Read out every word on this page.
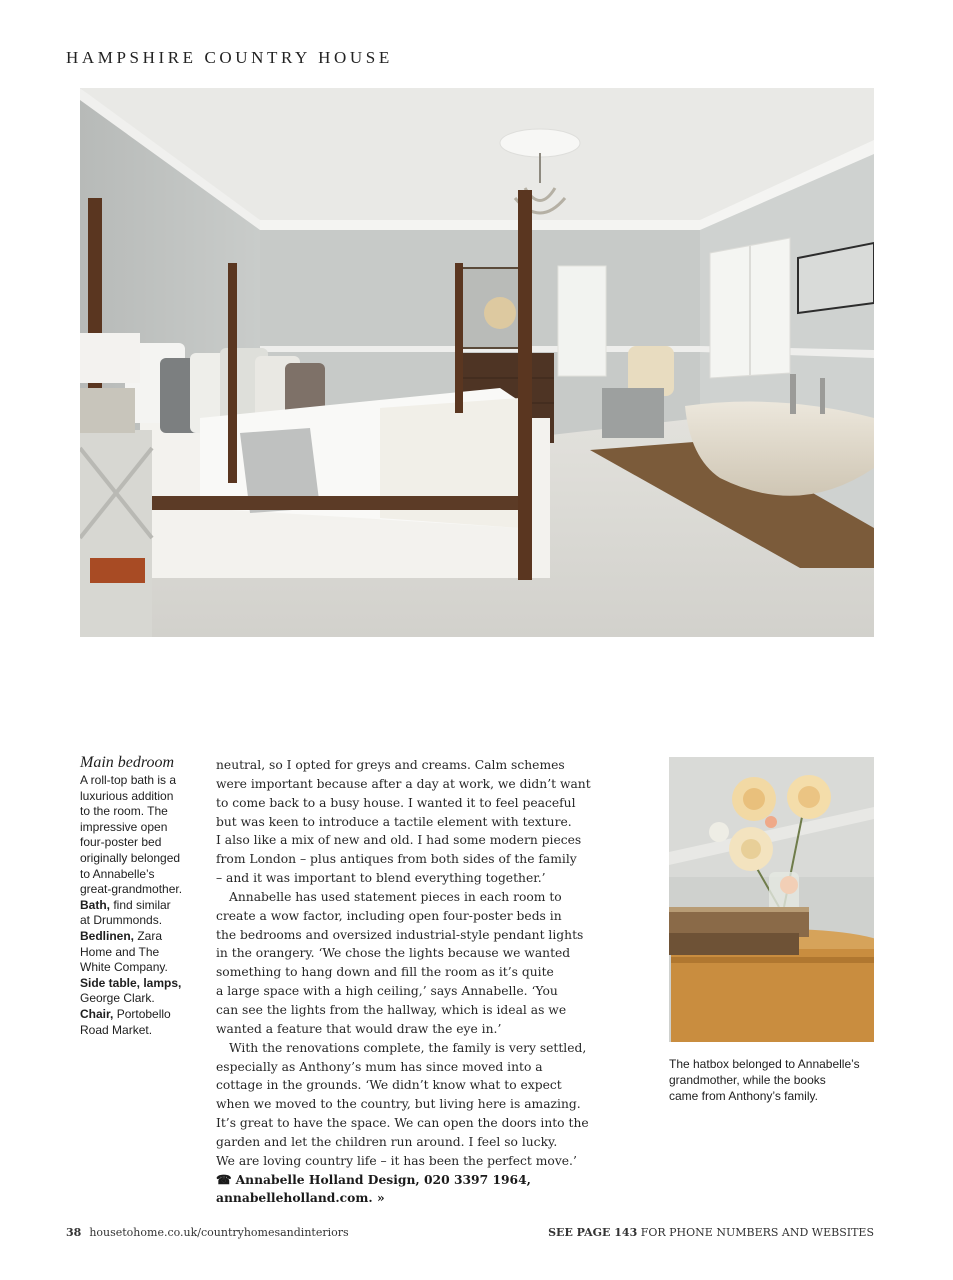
HAMPSHIRE COUNTRY HOUSE
Main bedroom
A roll-top bath is a
luxurious addition
to the room. The
impressive open
four-poster bed
originally belonged
to Annabelle’s
great-grandmother.
Bath, find similar
at Drummonds.
Bedlinen, Zara
Home and The
White Company.
Side table, lamps,
George Clark.
Chair, Portobello
Road Market.
neutral, so I opted for greys and creams. Calm schemes
were important because after a day at work, we didn’t want
to come back to a busy house. I wanted it to feel peaceful
but was keen to introduce a tactile element with texture.
I also like a mix of new and old. I had some modern pieces
from London – plus antiques from both sides of the family
– and it was important to blend everything together.’
Annabelle has used statement pieces in each room to
create a wow factor, including open four-poster beds in
the bedrooms and oversized industrial-style pendant lights
in the orangery. ‘We chose the lights because we wanted
something to hang down and fill the room as it’s quite
a large space with a high ceiling,’ says Annabelle. ‘You
can see the lights from the hallway, which is ideal as we
wanted a feature that would draw the eye in.’
With the renovations complete, the family is very settled,
especially as Anthony’s mum has since moved into a
cottage in the grounds. ‘We didn’t know what to expect
when we moved to the country, but living here is amazing.
It’s great to have the space. We can open the doors into the
garden and let the children run around. I feel so lucky.
We are loving country life – it has been the perfect move.’
☎ Annabelle Holland Design, 020 3397 1964,
annabelleholland.com. »
The hatbox belonged to Annabelle’s
grandmother, while the books
came from Anthony’s family.
38 housetohome.co.uk/countryhomesandinteriors	SEE PAGE 143 FOR PHONE NUMBERS AND WEBSITES
